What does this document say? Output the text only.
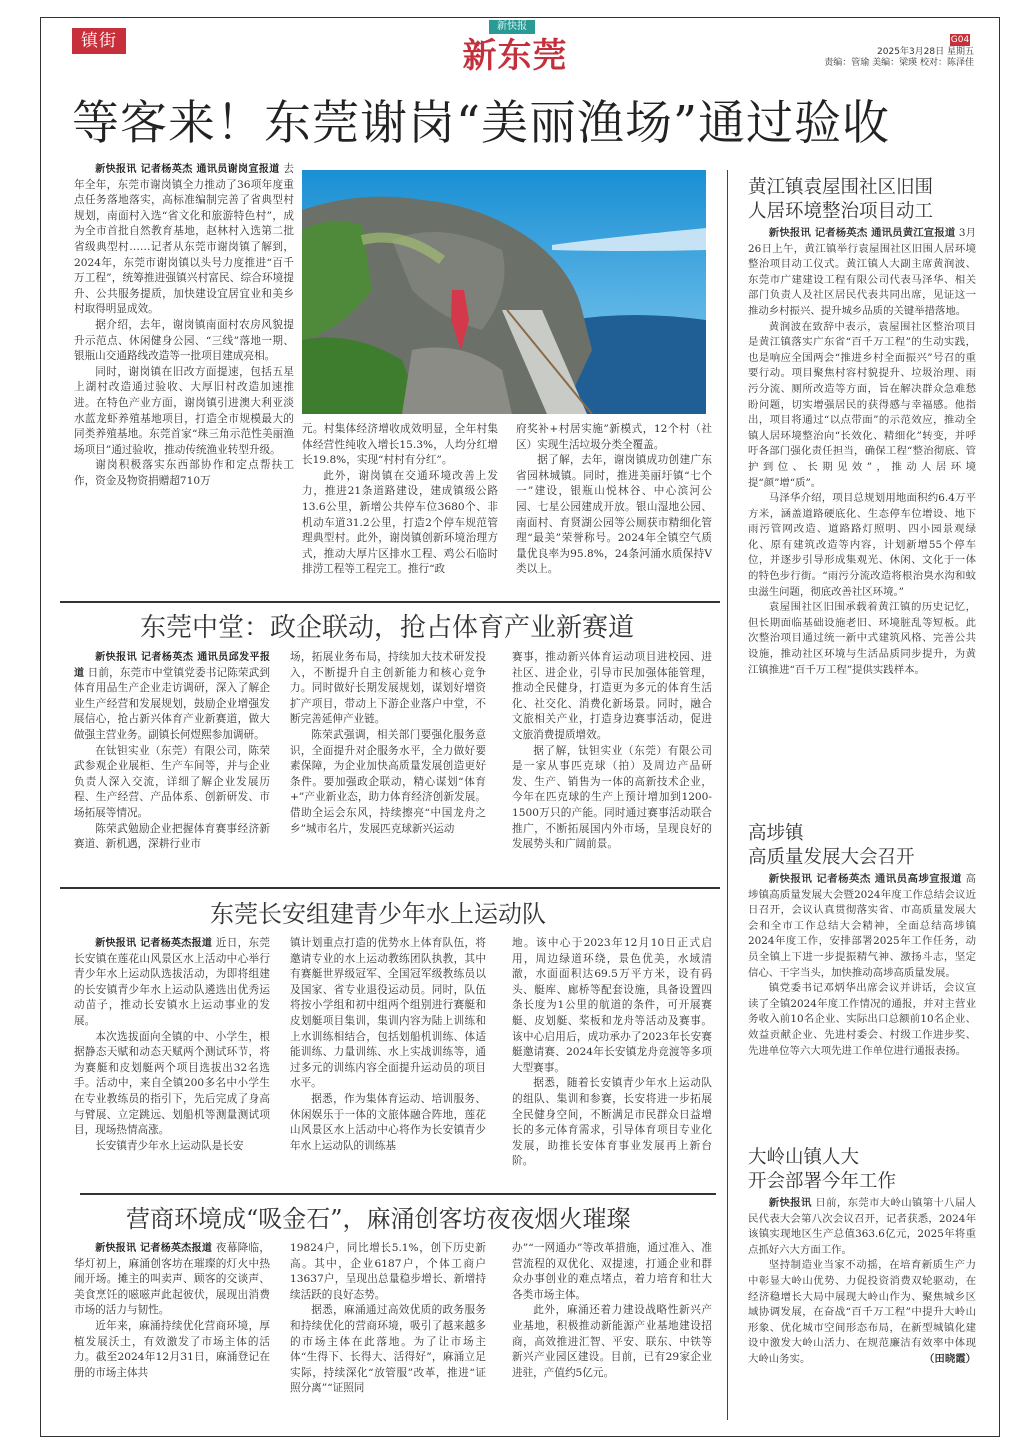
镇街
新快报
新东莞	G04
2025年3月28日 星期五
责编：管瑜 美编：梁瑛 校对：陈泽佳
等客来！东莞谢岗“美丽渔场”通过验收

新快报讯 记者杨英杰 通讯员谢岗宣报道 去年全年，东莞市谢岗镇全力推动了36项年度重点任务落地落实，高标准编制完善了省典型村规划，南面村入选“省文化和旅游特色村”，成为全市首批自然教育基地，赵林村入选第二批省级典型村……记者从东莞市谢岗镇了解到，2024年，东莞市谢岗镇以头号力度推进“百千万工程”，统筹推进强镇兴村富民、综合环境提升、公共服务提质，加快建设宜居宜业和美乡村取得明显成效。

据介绍，去年，谢岗镇南面村农房风貌提升示范点、休闲健身公园、“三线”落地一期、银瓶山交通路线改造等一批项目建成亮相。

同时，谢岗镇在旧改方面提速，包括五星上湖村改造通过验收、大厚旧村改造加速推进。在特色产业方面，谢岗镇引进澳大利亚淡水蓝龙虾养殖基地项目，打造全市规模最大的同类养殖基地。东莞首家“珠三角示范性美丽渔场项目”通过验收，推动传统渔业转型升级。

谢岗积极落实东西部协作和定点帮扶工作，资金及物资捐赠超710万

元。村集体经济增收成效明显，全年村集体经营性纯收入增长15.3%，人均分红增长19.8%，实现“村村有分红”。

此外，谢岗镇在交通环境改善上发力，推进21条道路建设，建成镇级公路13.6公里，新增公共停车位3680个、非机动车道31.2公里，打造2个停车规范管理典型村。此外，谢岗镇创新环境治理方式，推动大厚片区排水工程、鸡公石临时排涝工程等工程完工。推行“政

府奖补+村居实施”新模式，12个村（社区）实现生活垃圾分类全覆盖。

据了解，去年，谢岗镇成功创建广东省园林城镇。同时，推进美丽圩镇“七个一”建设，银瓶山悦林谷、中心滨河公园、七星公园建成开放。银山湿地公园、南面村、育贤湖公园等公厕获市精细化管理“最美”荣誉称号。2024年全镇空气质量优良率为95.8%，24条河涌水质保持V类以上。

东莞中堂：政企联动，抢占体育产业新赛道

新快报讯 记者杨英杰 通讯员邱发平报道 日前，东莞市中堂镇党委书记陈荣武到体育用品生产企业走访调研，深入了解企业生产经营和发展规划，鼓励企业增强发展信心，抢占新兴体育产业新赛道，做大做强主营业务。副镇长何煜熙参加调研。

在钛钽实业（东莞）有限公司，陈荣武参观企业展柜、生产车间等，并与企业负责人深入交流，详细了解企业发展历程、生产经营、产品体系、创新研发、市场拓展等情况。

陈荣武勉励企业把握体育赛事经济新赛道、新机遇，深耕行业市

场，拓展业务布局，持续加大技术研发投入，不断提升自主创新能力和核心竞争力。同时做好长期发展规划，谋划好增资扩产项目，带动上下游企业落户中堂，不断完善延伸产业链。

陈荣武强调，相关部门要强化服务意识，全面提升对企服务水平，全力做好要素保障，为企业加快高质量发展创造更好条件。要加强政企联动，精心谋划“体育+”产业新业态，助力体育经济创新发展。借助全运会东风，持续擦亮“中国龙舟之乡”城市名片，发展匹克球新兴运动

赛事，推动新兴体育运动项目进校园、进社区、进企业，引导市民加强体能管理，推动全民健身，打造更为多元的体育生活化、社交化、消费化新场景。同时，融合文旅相关产业，打造身边赛事活动，促进文旅消费提质增效。

据了解，钛钽实业（东莞）有限公司是一家从事匹克球（拍）及周边产品研发、生产、销售为一体的高新技术企业，今年在匹克球的生产上预计增加到1200-1500万只的产能。同时通过赛事活动联合推广，不断拓展国内外市场，呈现良好的发展势头和广阔前景。

东莞长安组建青少年水上运动队

新快报讯 记者杨英杰报道 近日，东莞长安镇在莲花山风景区水上活动中心举行青少年水上运动队选拔活动，为即将组建的长安镇青少年水上运动队遴选出优秀运动苗子，推动长安镇水上运动事业的发展。

本次选拔面向全镇的中、小学生，根据静态天赋和动态天赋两个测试环节，将为赛艇和皮划艇两个项目选拔出32名选手。活动中，来自全镇200多名中小学生在专业教练员的指引下，先后完成了身高与臂展、立定跳远、划船机等测量测试项目，现场热情高涨。

长安镇青少年水上运动队是长安

镇计划重点打造的优势水上体育队伍，将邀请专业的水上运动教练团队执教，其中有赛艇世界级冠军、全国冠军级教练员以及国家、省专业退役运动员。同时，队伍将按小学组和初中组两个组别进行赛艇和皮划艇项目集训，集训内容为陆上训练和上水训练相结合，包括划船机训练、体适能训练、力量训练、水上实战训练等，通过多元的训练内容全面提升运动员的项目水平。

据悉，作为集体育运动、培训服务、休闲娱乐于一体的文旅体融合阵地，莲花山风景区水上活动中心将作为长安镇青少年水上运动队的训练基

地。该中心于2023年12月10日正式启用，周边绿道环绕，景色优美，水域清澈，水面面积达69.5万平方米，设有码头、艇库、廊桥等配套设施，具备设置四条长度为1公里的航道的条件，可开展赛艇、皮划艇、桨板和龙舟等活动及赛事。该中心启用后，成功承办了2023年长安赛艇邀请赛、2024年长安镇龙舟竞渡等多项大型赛事。

据悉，随着长安镇青少年水上运动队的组队、集训和参赛，长安将进一步拓展全民健身空间，不断满足市民群众日益增长的多元体育需求，引导体育项目专业化发展，助推长安体育事业发展再上新台阶。

营商环境成“吸金石”，麻涌创客坊夜夜烟火璀璨

新快报讯 记者杨英杰报道 夜幕降临，华灯初上，麻涌创客坊在璀璨的灯火中热闹开场。摊主的叫卖声、顾客的交谈声、美食烹饪的嗞嗞声此起彼伏，展现出消费市场的活力与韧性。

近年来，麻涌持续优化营商环境，厚植发展沃土，有效激发了市场主体的活力。截至2024年12月31日，麻涌登记在册的市场主体共

19824户，同比增长5.1%，创下历史新高。其中，企业6187户，个体工商户13637户，呈现出总量稳步增长、新增持续活跃的良好态势。

据悉，麻涌通过高效优质的政务服务和持续优化的营商环境，吸引了越来越多的市场主体在此落地。为了让市场主体“生得下、长得大、活得好”，麻涌立足实际，持续深化“放管服”改革，推进“证照分离”“证照同

办”“一网通办”等改革措施，通过准入、准营流程的双优化、双提速，打通企业和群众办事创业的难点堵点，着力培育和壮大各类市场主体。

此外，麻涌还着力建设战略性新兴产业基地，积极推动新能源产业基地建设招商，高效推进汇智、平安、联东、中铁等新兴产业园区建设。目前，已有29家企业进驻，产值约5亿元。

黄江镇袁屋围社区旧围
人居环境整治项目动工

新快报讯 记者杨英杰 通讯员黄江宣报道 3月26日上午，黄江镇举行袁屋围社区旧围人居环境整治项目动工仪式。黄江镇人大副主席黄润波、东莞市广建建设工程有限公司代表马泽华、相关部门负责人及社区居民代表共同出席，见证这一推动乡村振兴、提升城乡品质的关键举措落地。

黄润波在致辞中表示，袁屋围社区整治项目是黄江镇落实广东省“百千万工程”的生动实践，也是响应全国两会“推进乡村全面振兴”号召的重要行动。项目聚焦村容村貌提升、垃圾治理、雨污分流、厕所改造等方面，旨在解决群众急难愁盼问题，切实增强居民的获得感与幸福感。他指出，项目将通过“以点带面”的示范效应，推动全镇人居环境整治向“长效化、精细化”转变，并呼吁各部门强化责任担当，确保工程“整治彻底、管护到位、长期见效”，推动人居环境提“颜”增“质”。

马泽华介绍，项目总规划用地面积约6.4万平方米，涵盖道路硬底化、生态停车位增设、地下雨污管网改造、道路路灯照明、四小园景观绿化、原有建筑改造等内容，计划新增55个停车位，并逐步引导形成集观光、休闲、文化于一体的特色步行街。“雨污分流改造将根治臭水沟和蚊虫滋生问题，彻底改善社区环境。”

袁屋围社区旧围承载着黄江镇的历史记忆，但长期面临基础设施老旧、环境脏乱等短板。此次整治项目通过统一新中式建筑风格、完善公共设施，推动社区环境与生活品质同步提升，为黄江镇推进“百千万工程”提供实践样本。

高埗镇
高质量发展大会召开

新快报讯 记者杨英杰 通讯员高埗宣报道 高埗镇高质量发展大会暨2024年度工作总结会议近日召开，会议认真贯彻落实省、市高质量发展大会和全市工作总结大会精神，全面总结高埗镇2024年度工作，安排部署2025年工作任务，动员全镇上下进一步提振精气神、激扬斗志，坚定信心、干字当头，加快推动高埗高质量发展。

镇党委书记邓炳华出席会议并讲话，会议宣读了全镇2024年度工作情况的通报，并对主营业务收入前10名企业、实际出口总额前10名企业、效益贡献企业、先进村委会、村级工作进步奖、先进单位等六大项先进工作单位进行通报表扬。

大岭山镇人大
开会部署今年工作

新快报讯 日前，东莞市大岭山镇第十八届人民代表大会第八次会议召开，记者获悉，2024年该镇实现地区生产总值363.6亿元，2025年将重点抓好六大方面工作。

坚持制造业当家不动摇，在培育新质生产力中彰显大岭山优势、力促投资消费双轮驱动，在经济稳增长大局中展现大岭山作为、聚焦城乡区域协调发展，在奋战“百千万工程”中提升大岭山形象、优化城市空间形态布局，在新型城镇化建设中激发大岭山活力、在规范廉洁有效率中体现大岭山务实。	（田晓霞）
